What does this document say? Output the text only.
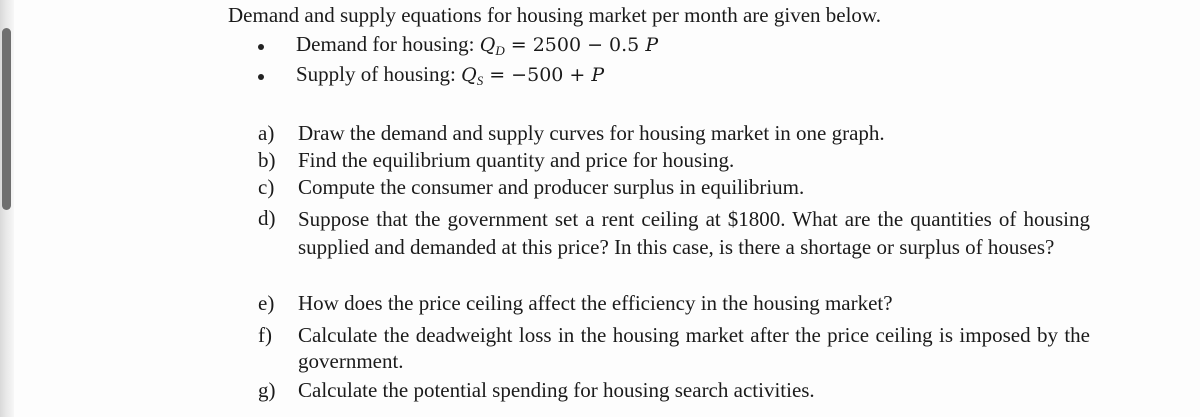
Demand and supply equations for housing market per month are given below.
Demand for housing: $Q_D = 2500 - 0.5$ P
Supply of housing: $Q_S = -500 + P$
a) Draw the demand and supply curves for housing market in one graph.
b) Find the equilibrium quantity and price for housing.
c) Compute the consumer and producer surplus in equilibrium.
d) Suppose that the government set a rent ceiling at $1800. What are the quantities of housing supplied and demanded at this price? In this case, is there a shortage or surplus of houses?
e) How does the price ceiling affect the efficiency in the housing market?
f) Calculate the deadweight loss in the housing market after the price ceiling is imposed by the government.
g) Calculate the potential spending for housing search activities.
